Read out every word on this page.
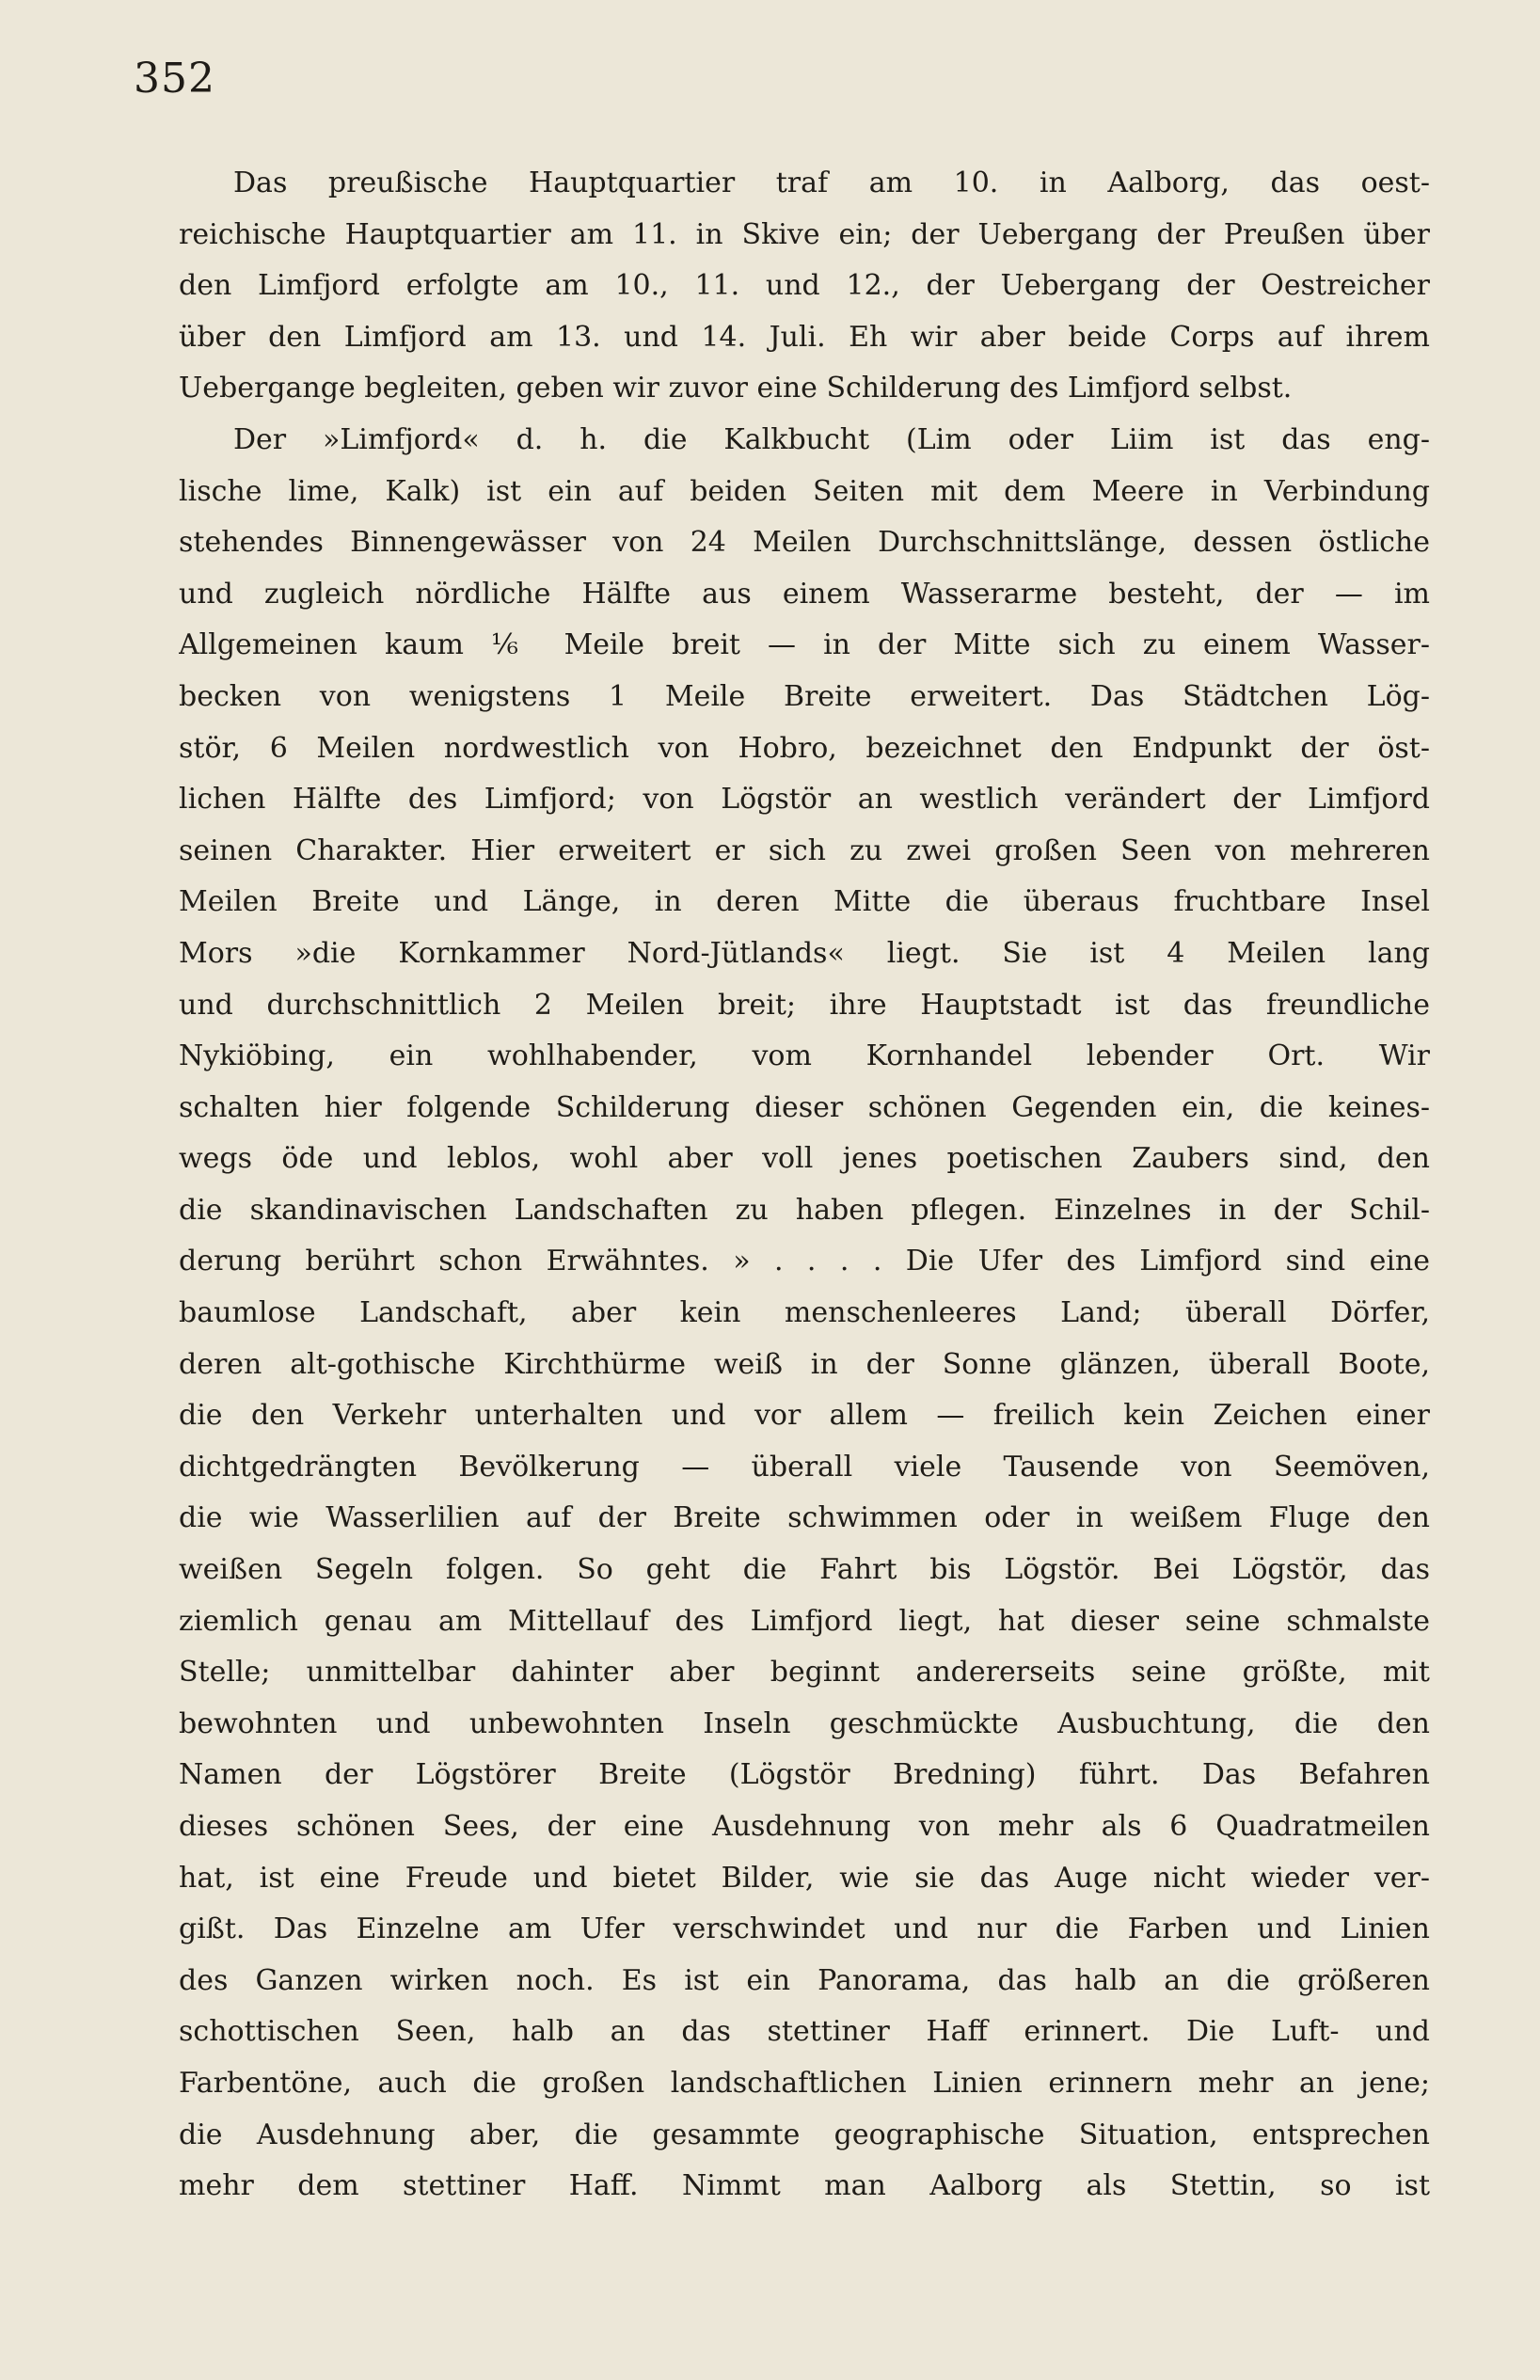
352
Das preußische Hauptquartier traf am 10. in Aalborg, das oest-
reichische Hauptquartier am 11. in Skive ein; der Uebergang der Preußen über
den Limfjord erfolgte am 10., 11. und 12., der Uebergang der Oestreicher
über den Limfjord am 13. und 14. Juli. Eh wir aber beide Corps auf ihrem
Uebergange begleiten, geben wir zuvor eine Schilderung des Limfjord selbst.
Der »Limfjord« d. h. die Kalkbucht (Lim oder Liim ist das eng-
lische lime, Kalk) ist ein auf beiden Seiten mit dem Meere in Verbindung
stehendes Binnengewässer von 24 Meilen Durchschnittslänge, dessen östliche
und zugleich nördliche Hälfte aus einem Wasserarme besteht, der — im
Allgemeinen kaum ⅙ Meile breit — in der Mitte sich zu einem Wasser-
becken von wenigstens 1 Meile Breite erweitert. Das Städtchen Lög-
stör, 6 Meilen nordwestlich von Hobro, bezeichnet den Endpunkt der öst-
lichen Hälfte des Limfjord; von Lögstör an westlich verändert der Limfjord
seinen Charakter. Hier erweitert er sich zu zwei großen Seen von mehreren
Meilen Breite und Länge, in deren Mitte die überaus fruchtbare Insel
Mors »die Kornkammer Nord-Jütlands« liegt. Sie ist 4 Meilen lang
und durchschnittlich 2 Meilen breit; ihre Hauptstadt ist das freundliche
Nykiöbing, ein wohlhabender, vom Kornhandel lebender Ort. Wir
schalten hier folgende Schilderung dieser schönen Gegenden ein, die keines-
wegs öde und leblos, wohl aber voll jenes poetischen Zaubers sind, den
die skandinavischen Landschaften zu haben pflegen. Einzelnes in der Schil-
derung berührt schon Erwähntes. » . . . . Die Ufer des Limfjord sind eine
baumlose Landschaft, aber kein menschenleeres Land; überall Dörfer,
deren alt-gothische Kirchthürme weiß in der Sonne glänzen, überall Boote,
die den Verkehr unterhalten und vor allem — freilich kein Zeichen einer
dichtgedrängten Bevölkerung — überall viele Tausende von Seemöven,
die wie Wasserlilien auf der Breite schwimmen oder in weißem Fluge den
weißen Segeln folgen. So geht die Fahrt bis Lögstör. Bei Lögstör, das
ziemlich genau am Mittellauf des Limfjord liegt, hat dieser seine schmalste
Stelle; unmittelbar dahinter aber beginnt andererseits seine größte, mit
bewohnten und unbewohnten Inseln geschmückte Ausbuchtung, die den
Namen der Lögstörer Breite (Lögstör Bredning) führt. Das Befahren
dieses schönen Sees, der eine Ausdehnung von mehr als 6 Quadratmeilen
hat, ist eine Freude und bietet Bilder, wie sie das Auge nicht wieder ver-
gißt. Das Einzelne am Ufer verschwindet und nur die Farben und Linien
des Ganzen wirken noch. Es ist ein Panorama, das halb an die größeren
schottischen Seen, halb an das stettiner Haff erinnert. Die Luft- und
Farbentöne, auch die großen landschaftlichen Linien erinnern mehr an jene;
die Ausdehnung aber, die gesammte geographische Situation, entsprechen
mehr dem stettiner Haff. Nimmt man Aalborg als Stettin, so ist
